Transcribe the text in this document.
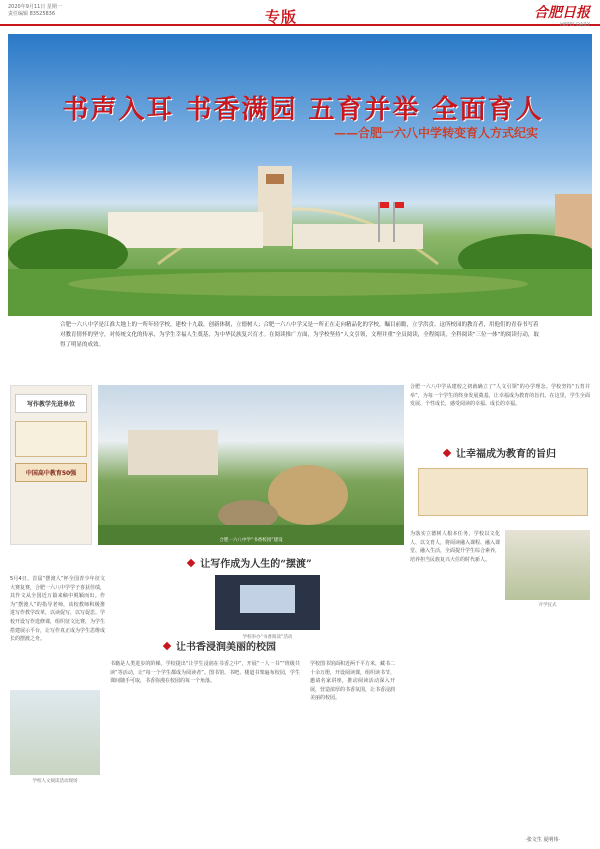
2020年9月11日 星期一
责任编辑 83525836	专版	合肥日报
HEFEI DAILY
书声入耳 书香满园 五育并举 全面育人
——合肥一六八中学转变育人方式纪实
合肥一六八中学是江淮大地上的一所年轻学校，建校十九载，创新体制，立德树人；合肥一六八中学又是一所正在走向精品化的学校，瞩目前瞻，立学洪贲。这所校园的教育者，用他们的青春书写着对教育情怀的坚守，对传统文化的传承，为学生幸福人生奠基，为中华民族复兴育才。在阅读推广方面，为学校坚持“人文引领，文理并重”全员阅读，全程阅读，全科阅读“三位一体”的阅读行动，取得了明显的成效。
写作教学先进单位
中国高中教育50强
合肥一六八中学“书香校园”建设
让写作成为人生的“摆渡”
5月4日，首届“摆渡人”杯全国青少年征文大赛复赛，合肥一六八中学学子喜获佳绩，其作文从全国近万篇来稿中脱颖而出。作为“摆渡人”的指导老师，该校教师积极推进写作教学改革，以读促写，以写促思。学校开设写作选修课，组织征文比赛，为学生搭建展示平台，让写作真正成为学生思维成长的摆渡之舟。	学校举办“书香阅读”活动
让书香浸润美丽的校园
学校人文阅读活动现场
书籍是人类进步的阶梯。学校提出“让学生浸润在书香之中”，开展“一人一书”“班级共读”等活动，让“每一个学生都成为阅读者”。图书馆、书吧、楼道书架遍布校园，学生课间随手可取，书香弥漫在校园的每一个角落。
学校图书馆面积近两千平方米，藏书二十余万册，开设阅读课，组织读书节，邀请名家讲座，推动阅读活动深入开展，营造浓厚的书香氛围，让书香浸润美丽的校园。
合肥一六八中学从建校之初就确立了“人文引领”的办学理念。学校坚持“五育并举”，为每一个学生的终身发展奠基，让幸福成为教育的旨归。在这里，学生全面发展、个性成长，感受阅读的幸福、成长的幸福。
让幸福成为教育的旨归
为落实立德树人根本任务，学校以文化人、以文育人，将阅读融入课程、融入课堂、融入生活，全面提升学生综合素养，培养担当民族复兴大任的时代新人。
开学仪式
·张文生 夏明伟·
